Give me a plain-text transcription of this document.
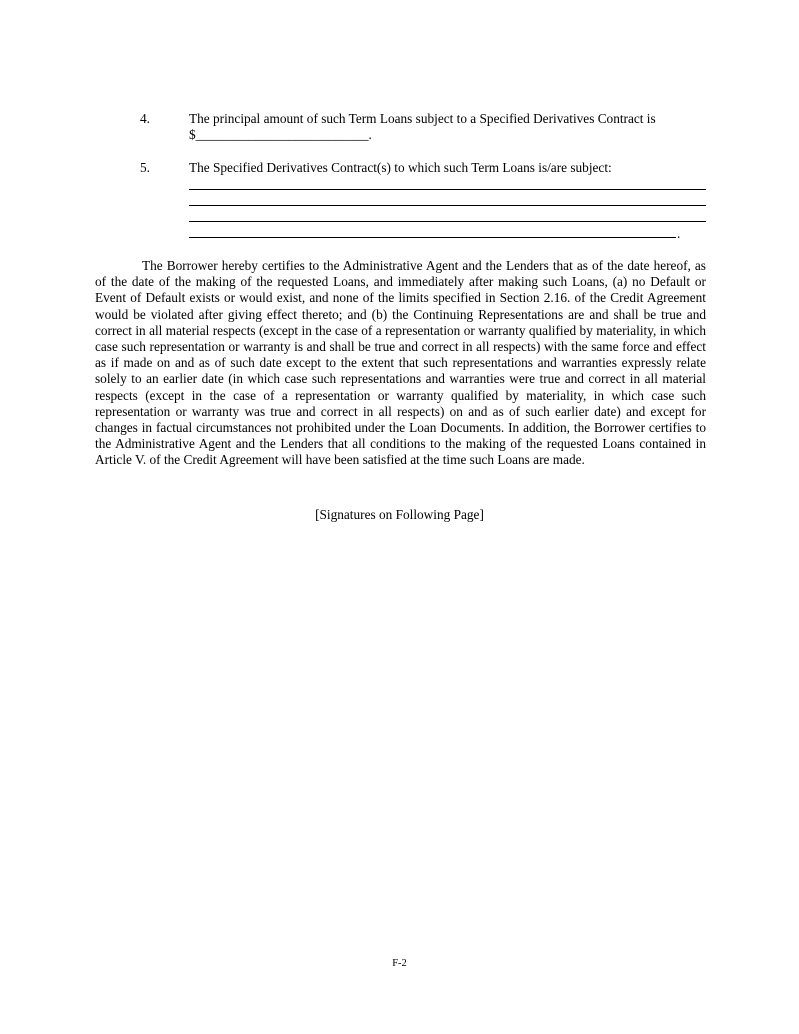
4.	The principal amount of such Term Loans subject to a Specified Derivatives Contract is
$__________________________.
5.	The Specified Derivatives Contract(s) to which such Term Loans is/are subject:
.
The Borrower hereby certifies to the Administrative Agent and the Lenders that as of the date hereof, as of the date of the making of the requested Loans, and immediately after making such Loans, (a) no Default or Event of Default exists or would exist, and none of the limits specified in Section 2.16. of the Credit Agreement would be violated after giving effect thereto; and (b) the Continuing Representations are and shall be true and correct in all material respects (except in the case of a representation or warranty qualified by materiality, in which case such representation or warranty is and shall be true and correct in all respects) with the same force and effect as if made on and as of such date except to the extent that such representations and warranties expressly relate solely to an earlier date (in which case such representations and warranties were true and correct in all material respects (except in the case of a representation or warranty qualified by materiality, in which case such representation or warranty was true and correct in all respects) on and as of such earlier date) and except for changes in factual circumstances not prohibited under the Loan Documents. In addition, the Borrower certifies to the Administrative Agent and the Lenders that all conditions to the making of the requested Loans contained in Article V. of the Credit Agreement will have been satisfied at the time such Loans are made.
[Signatures on Following Page]
F-2
